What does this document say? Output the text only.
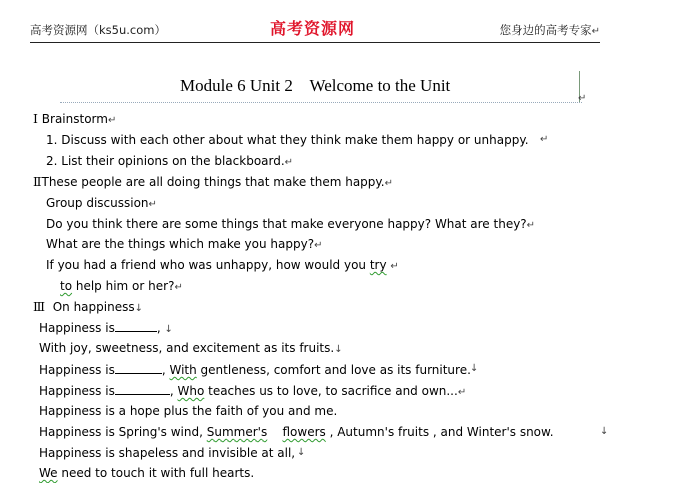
高考资源网（ks5u.com）	高考资源网	您身边的高考专家↵
Module 6 Unit 2    Welcome to the Unit
↵
Ⅰ Brainstorm↵
1. Discuss with each other about what they think make them happy or unhappy. ↵
2. List their opinions on the blackboard.↵
ⅡThese people are all doing things that make them happy.↵
Group discussion↵
Do you think there are some things that make everyone happy? What are they?↵
What are the things which make you happy?↵
If you had a friend who was unhappy, how would you try ↵
to help him or her?↵
Ⅲ On happiness↓
Happiness is	, ↓
With joy, sweetness, and excitement as its fruits.↓
Happiness is	, With gentleness, comfort and love as its furniture. ↓
Happiness is	, Who teaches us to love, to sacrifice and own...↵
Happiness is a hope plus the faith of you and me.
Happiness is Spring's wind, Summer's flowers , Autumn's fruits , and Winter's snow.	↓
Happiness is shapeless and invisible at all, ↓
We need to touch it with full hearts.
